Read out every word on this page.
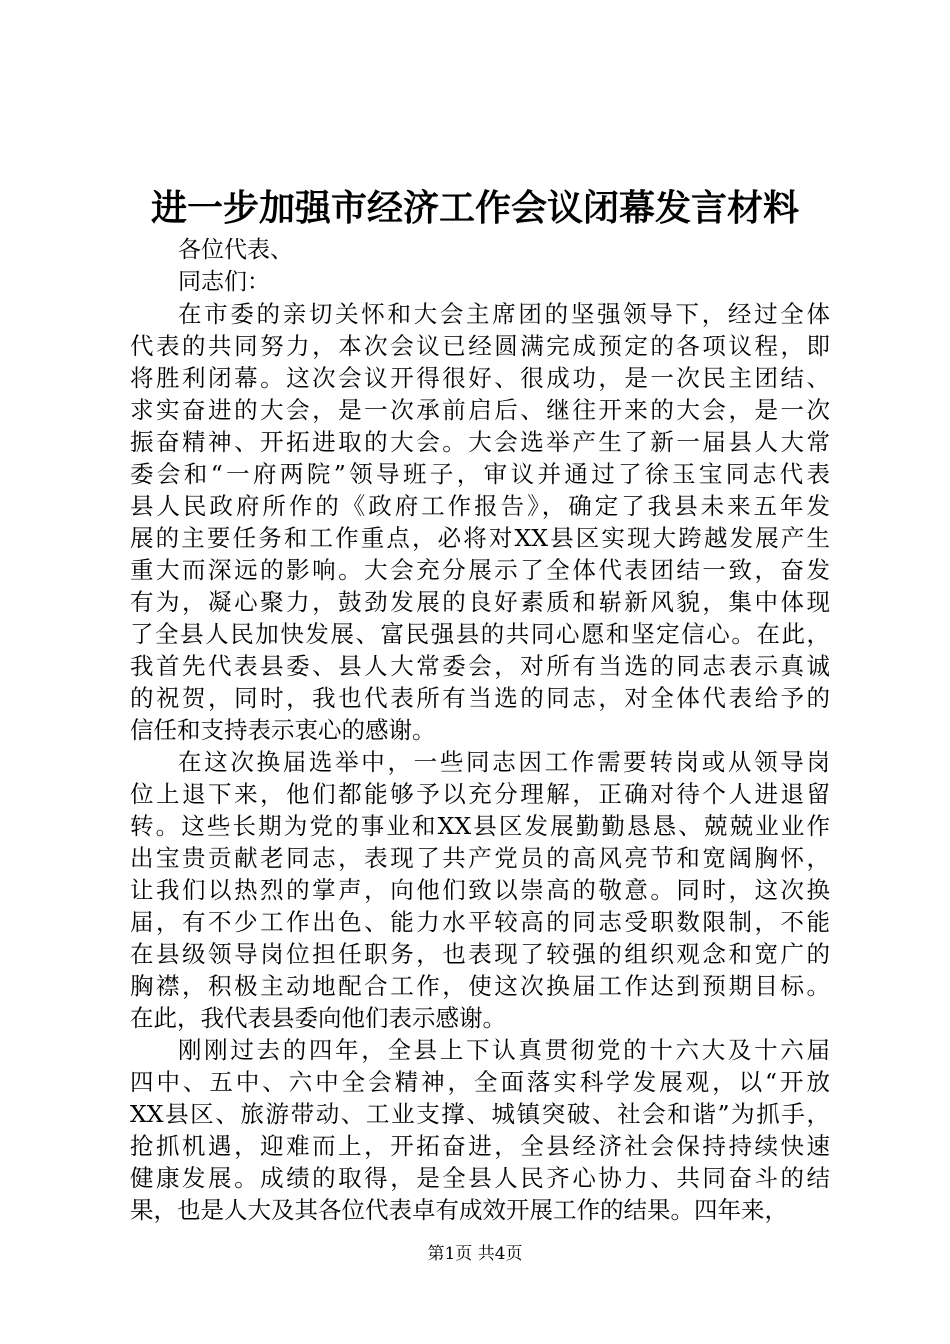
进一步加强市经济工作会议闭幕发言材料

各位代表、

同志们：

在市委的亲切关怀和大会主席团的坚强领导下，经过全体
代表的共同努力，本次会议已经圆满完成预定的各项议程，即
将胜利闭幕。这次会议开得很好、很成功，是一次民主团结、
求实奋进的大会，是一次承前启后、继往开来的大会，是一次
振奋精神、开拓进取的大会。大会选举产生了新一届县人大常
委会和“一府两院”领导班子，审议并通过了徐玉宝同志代表
县人民政府所作的《政府工作报告》，确定了我县未来五年发
展的主要任务和工作重点，必将对XX县区实现大跨越发展产生
重大而深远的影响。大会充分展示了全体代表团结一致，奋发
有为，凝心聚力，鼓劲发展的良好素质和崭新风貌，集中体现
了全县人民加快发展、富民强县的共同心愿和坚定信心。在此，
我首先代表县委、县人大常委会，对所有当选的同志表示真诚
的祝贺，同时，我也代表所有当选的同志，对全体代表给予的
信任和支持表示衷心的感谢。
在这次换届选举中，一些同志因工作需要转岗或从领导岗
位上退下来，他们都能够予以充分理解，正确对待个人进退留
转。这些长期为党的事业和XX县区发展勤勤恳恳、兢兢业业作
出宝贵贡献老同志，表现了共产党员的高风亮节和宽阔胸怀，
让我们以热烈的掌声，向他们致以崇高的敬意。同时，这次换
届，有不少工作出色、能力水平较高的同志受职数限制，不能
在县级领导岗位担任职务，也表现了较强的组织观念和宽广的
胸襟，积极主动地配合工作，使这次换届工作达到预期目标。
在此，我代表县委向他们表示感谢。
刚刚过去的四年，全县上下认真贯彻党的十六大及十六届
四中、五中、六中全会精神，全面落实科学发展观，以“开放
XX县区、旅游带动、工业支撑、城镇突破、社会和谐”为抓手，
抢抓机遇，迎难而上，开拓奋进，全县经济社会保持持续快速
健康发展。成绩的取得，是全县人民齐心协力、共同奋斗的结
果，也是人大及其各位代表卓有成效开展工作的结果。四年来，
第1页 共4页
